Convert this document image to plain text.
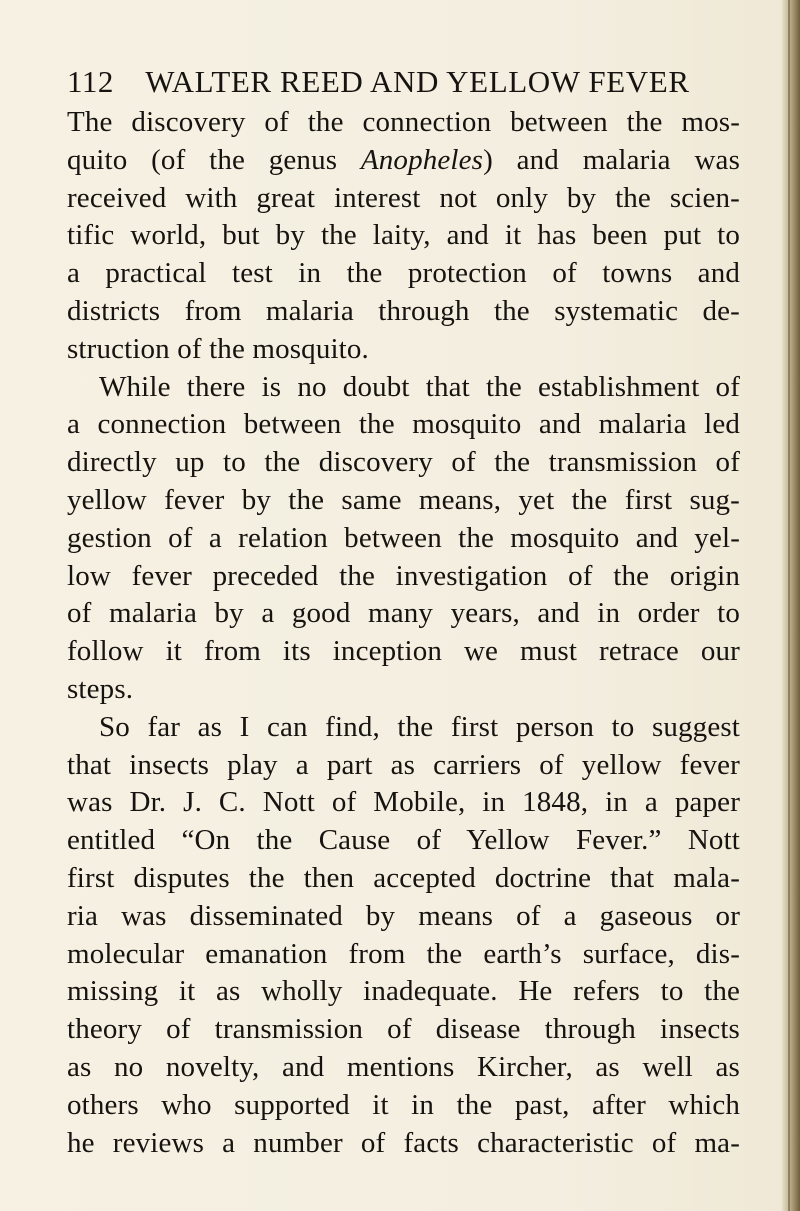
112 WALTER REED AND YELLOW FEVER
The discovery of the connection between the mos-
quito (of the genus Anopheles) and malaria was
received with great interest not only by the scien-
tific world, but by the laity, and it has been put to
a practical test in the protection of towns and
districts from malaria through the systematic de-
struction of the mosquito.
While there is no doubt that the establishment of
a connection between the mosquito and malaria led
directly up to the discovery of the transmission of
yellow fever by the same means, yet the first sug-
gestion of a relation between the mosquito and yel-
low fever preceded the investigation of the origin
of malaria by a good many years, and in order to
follow it from its inception we must retrace our
steps.
So far as I can find, the first person to suggest
that insects play a part as carriers of yellow fever
was Dr. J. C. Nott of Mobile, in 1848, in a paper
entitled “On the Cause of Yellow Fever.” Nott
first disputes the then accepted doctrine that mala-
ria was disseminated by means of a gaseous or
molecular emanation from the earth’s surface, dis-
missing it as wholly inadequate. He refers to the
theory of transmission of disease through insects
as no novelty, and mentions Kircher, as well as
others who supported it in the past, after which
he reviews a number of facts characteristic of ma-
